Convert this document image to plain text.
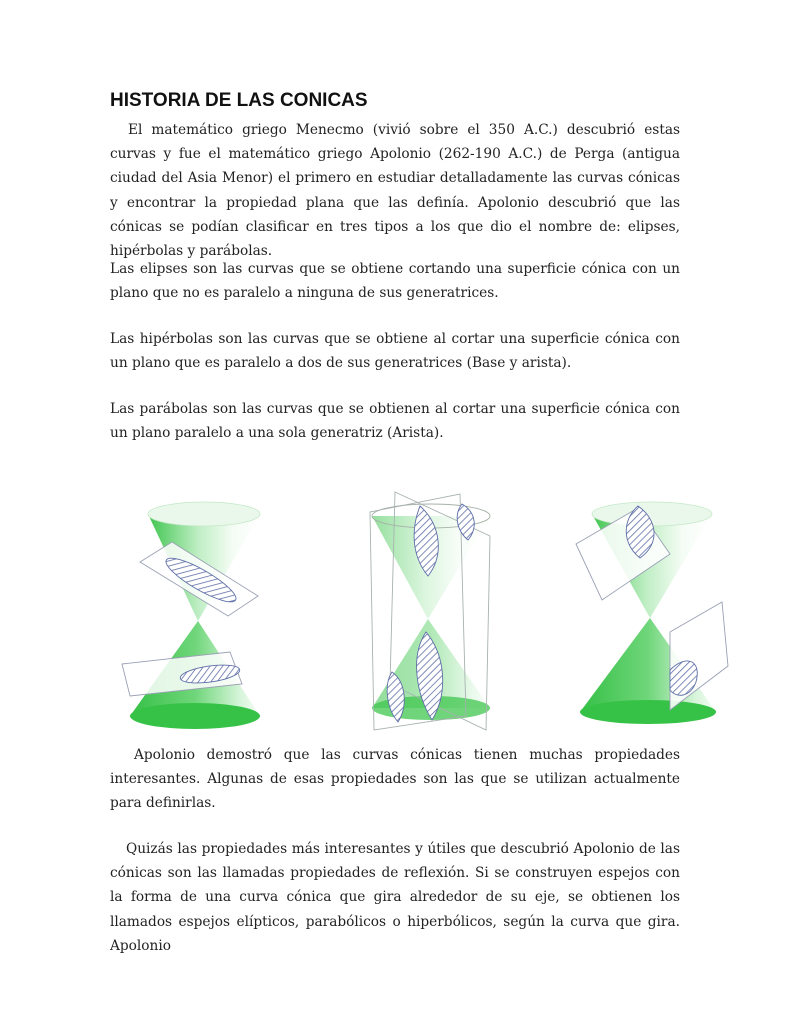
HISTORIA DE LAS CONICAS

El matemático griego Menecmo (vivió sobre el 350 A.C.) descubrió estas curvas y fue el matemático griego Apolonio (262-190 A.C.) de Perga (antigua ciudad del Asia Menor) el primero en estudiar detalladamente las curvas cónicas y encontrar la propiedad plana que las definía. Apolonio descubrió que las cónicas se podían clasificar en tres tipos a los que dio el nombre de: elipses, hipérbolas y parábolas.

Las elipses son las curvas que se obtiene cortando una superficie cónica con un plano que no es paralelo a ninguna de sus generatrices.

Las hipérbolas son las curvas que se obtiene al cortar una superficie cónica con un plano que es paralelo a dos de sus generatrices (Base y arista).

Las parábolas son las curvas que se obtienen al cortar una superficie cónica con un plano paralelo a una sola generatriz (Arista).

Apolonio demostró que las curvas cónicas tienen muchas propiedades interesantes. Algunas de esas propiedades son las que se utilizan actualmente para definirlas.

Quizás las propiedades más interesantes y útiles que descubrió Apolonio de las cónicas son las llamadas propiedades de reflexión. Si se construyen espejos con la forma de una curva cónica que gira alrededor de su eje, se obtienen los llamados espejos elípticos, parabólicos o hiperbólicos, según la curva que gira. Apolonio
